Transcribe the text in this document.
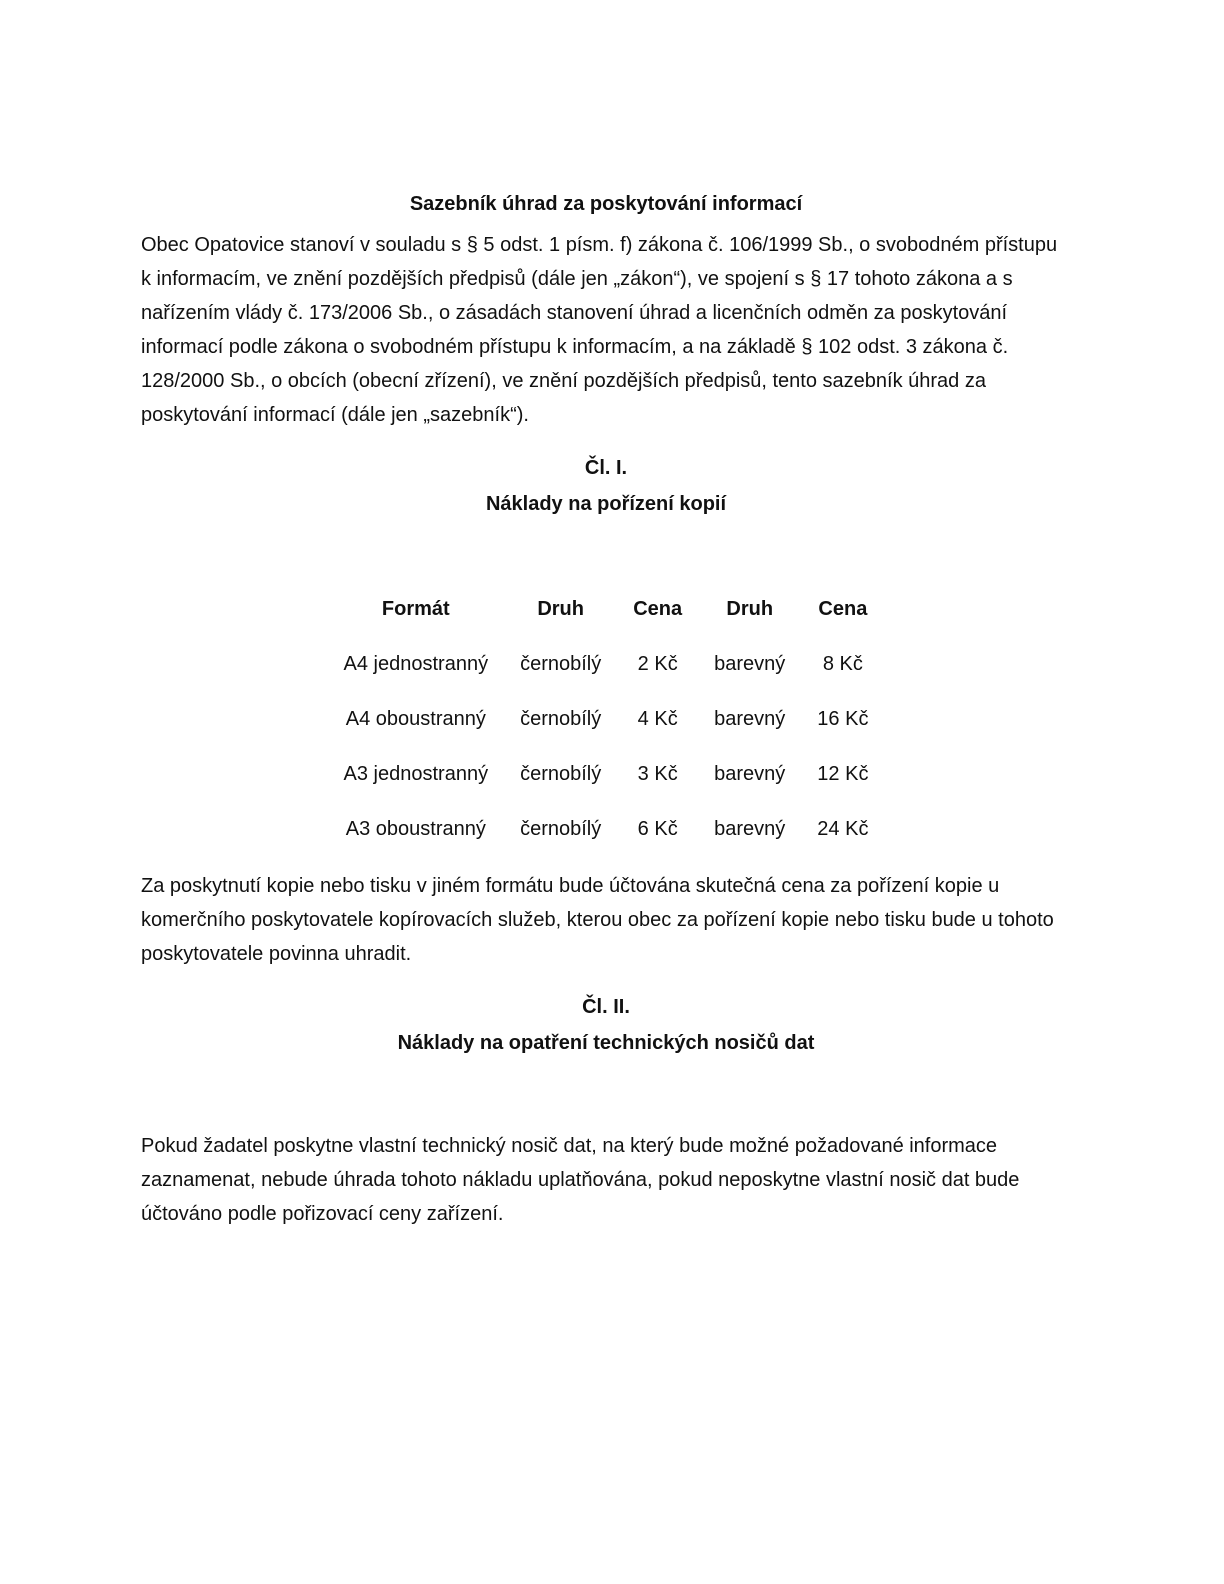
Sazebník úhrad za poskytování informací

Obec Opatovice stanoví v souladu s § 5 odst. 1 písm. f) zákona č. 106/1999 Sb., o svobodném přístupu k informacím, ve znění pozdějších předpisů (dále jen „zákon“), ve spojení s § 17 tohoto zákona a s nařízením vlády č. 173/2006 Sb., o zásadách stanovení úhrad a licenčních odměn za poskytování informací podle zákona o svobodném přístupu k informacím, a na základě § 102 odst. 3 zákona č. 128/2000 Sb., o obcích (obecní zřízení), ve znění pozdějších předpisů, tento sazebník úhrad za poskytování informací (dále jen „sazebník“).

Čl. I.
Náklady na pořízení kopií
Formát	Druh	Cena	Druh	Cena
A4 jednostranný	černobílý	2 Kč	barevný	8 Kč
A4 oboustranný	černobílý	4 Kč	barevný	16 Kč
A3 jednostranný	černobílý	3 Kč	barevný	12 Kč
A3 oboustranný	černobílý	6 Kč	barevný	24 Kč

Za poskytnutí kopie nebo tisku v jiném formátu bude účtována skutečná cena za pořízení kopie u komerčního poskytovatele kopírovacích služeb, kterou obec za pořízení kopie nebo tisku bude u tohoto poskytovatele povinna uhradit.

Čl. II.
Náklady na opatření technických nosičů dat

Pokud žadatel poskytne vlastní technický nosič dat, na který bude možné požadované informace zaznamenat, nebude úhrada tohoto nákladu uplatňována, pokud neposkytne vlastní nosič dat bude účtováno podle pořizovací ceny zařízení.
